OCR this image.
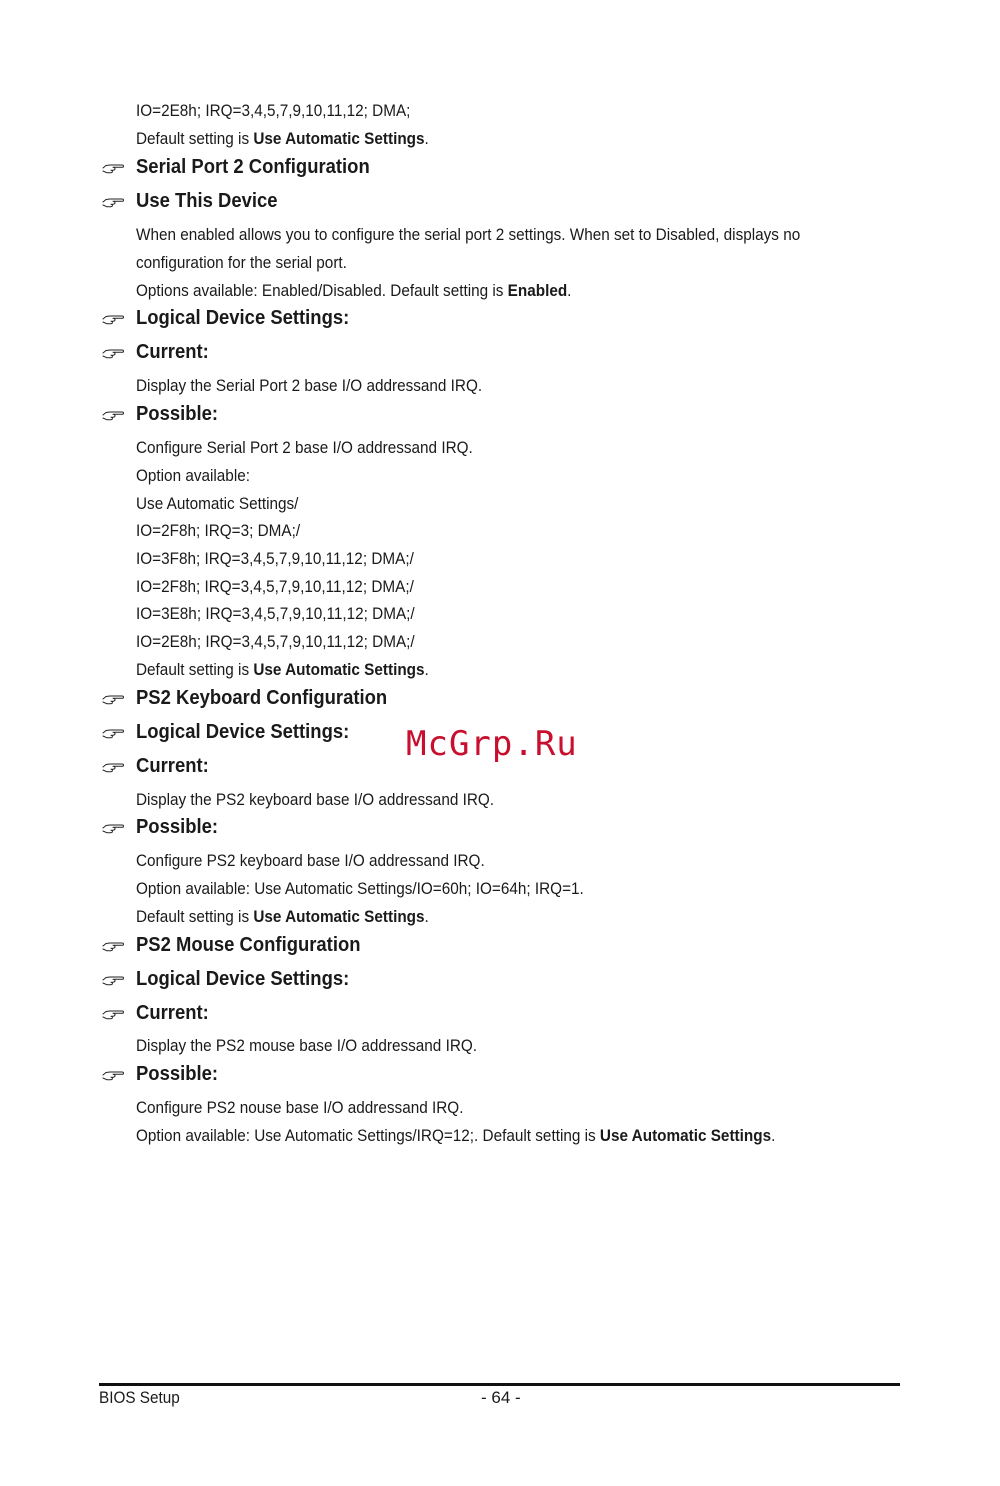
IO=2E8h; IRQ=3,4,5,7,9,10,11,12; DMA;
Default setting is Use Automatic Settings.
Serial Port 2 Configuration
Use This Device
When enabled allows you to configure the serial port 2 settings. When set to Disabled, displays no
configuration for the serial port.
Options available: Enabled/Disabled. Default setting is Enabled.
Logical Device Settings:
Current:
Display the Serial Port 2 base I/O addressand IRQ.
Possible:
Configure Serial Port 2 base I/O addressand IRQ.
Option available:
Use Automatic Settings/
IO=2F8h; IRQ=3; DMA;/
IO=3F8h; IRQ=3,4,5,7,9,10,11,12; DMA;/
IO=2F8h; IRQ=3,4,5,7,9,10,11,12; DMA;/
IO=3E8h; IRQ=3,4,5,7,9,10,11,12; DMA;/
IO=2E8h; IRQ=3,4,5,7,9,10,11,12; DMA;/
Default setting is Use Automatic Settings.
PS2 Keyboard Configuration
Logical Device Settings:
Current:
Display the PS2 keyboard base I/O addressand IRQ.
Possible:
Configure PS2 keyboard base I/O addressand IRQ.
Option available: Use Automatic Settings/IO=60h; IO=64h; IRQ=1.
Default setting is Use Automatic Settings.
PS2 Mouse Configuration
Logical Device Settings:
Current:
Display the PS2 mouse base I/O addressand IRQ.
Possible:
Configure PS2 nouse base I/O addressand IRQ.
Option available: Use Automatic Settings/IRQ=12;. Default setting is Use Automatic Settings.
McGrp.Ru
BIOS Setup	- 64 -
